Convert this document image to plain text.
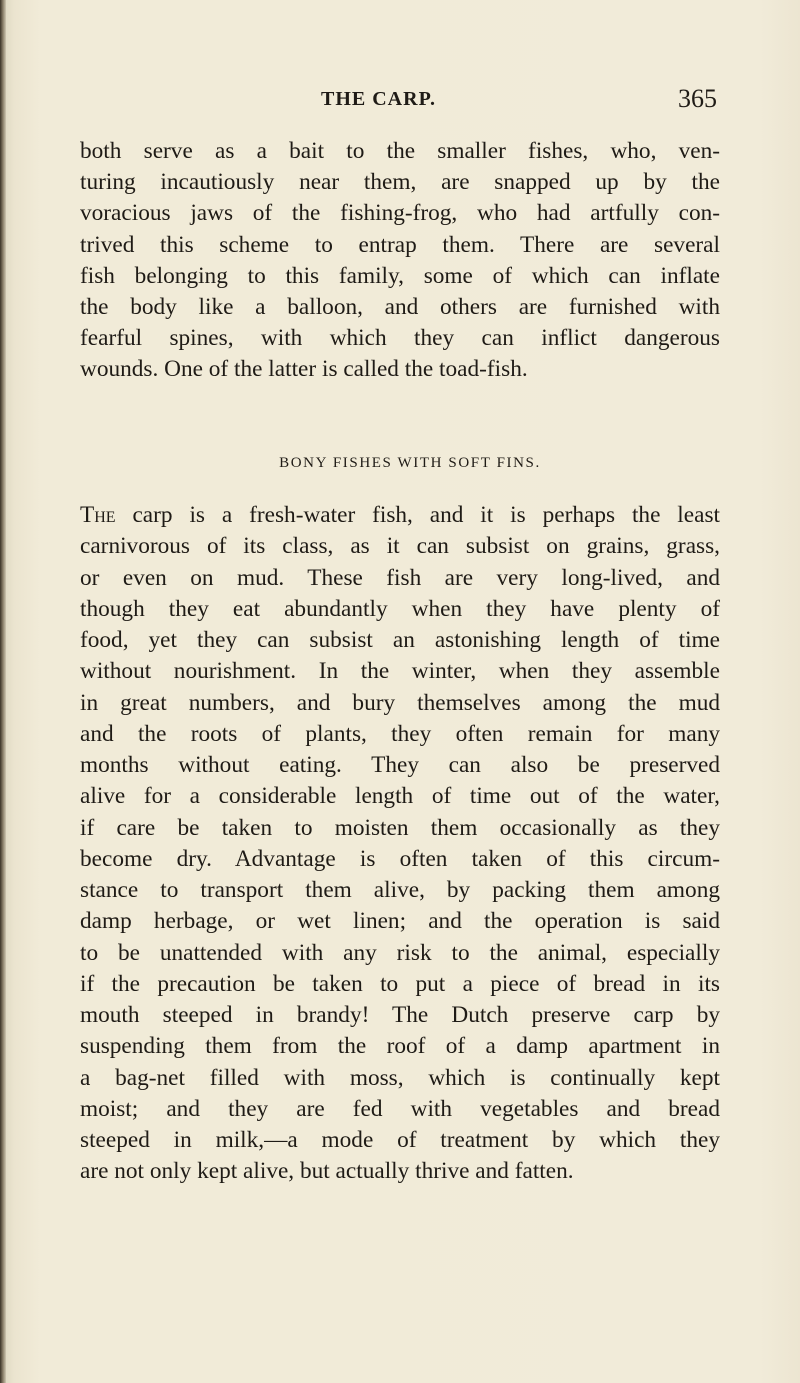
THE CARP.	365
both serve as a bait to the smaller fishes, who, ven-
turing incautiously near them, are snapped up by the
voracious jaws of the fishing-frog, who had artfully con-
trived this scheme to entrap them. There are several
fish belonging to this family, some of which can inflate
the body like a balloon, and others are furnished with
fearful spines, with which they can inflict dangerous
wounds. One of the latter is called the toad-fish.
BONY FISHES WITH SOFT FINS.
The carp is a fresh-water fish, and it is perhaps the least
carnivorous of its class, as it can subsist on grains, grass,
or even on mud. These fish are very long-lived, and
though they eat abundantly when they have plenty of
food, yet they can subsist an astonishing length of time
without nourishment. In the winter, when they assemble
in great numbers, and bury themselves among the mud
and the roots of plants, they often remain for many
months without eating. They can also be preserved
alive for a considerable length of time out of the water,
if care be taken to moisten them occasionally as they
become dry. Advantage is often taken of this circum-
stance to transport them alive, by packing them among
damp herbage, or wet linen; and the operation is said
to be unattended with any risk to the animal, especially
if the precaution be taken to put a piece of bread in its
mouth steeped in brandy! The Dutch preserve carp by
suspending them from the roof of a damp apartment in
a bag-net filled with moss, which is continually kept
moist; and they are fed with vegetables and bread
steeped in milk,—a mode of treatment by which they
are not only kept alive, but actually thrive and fatten.
